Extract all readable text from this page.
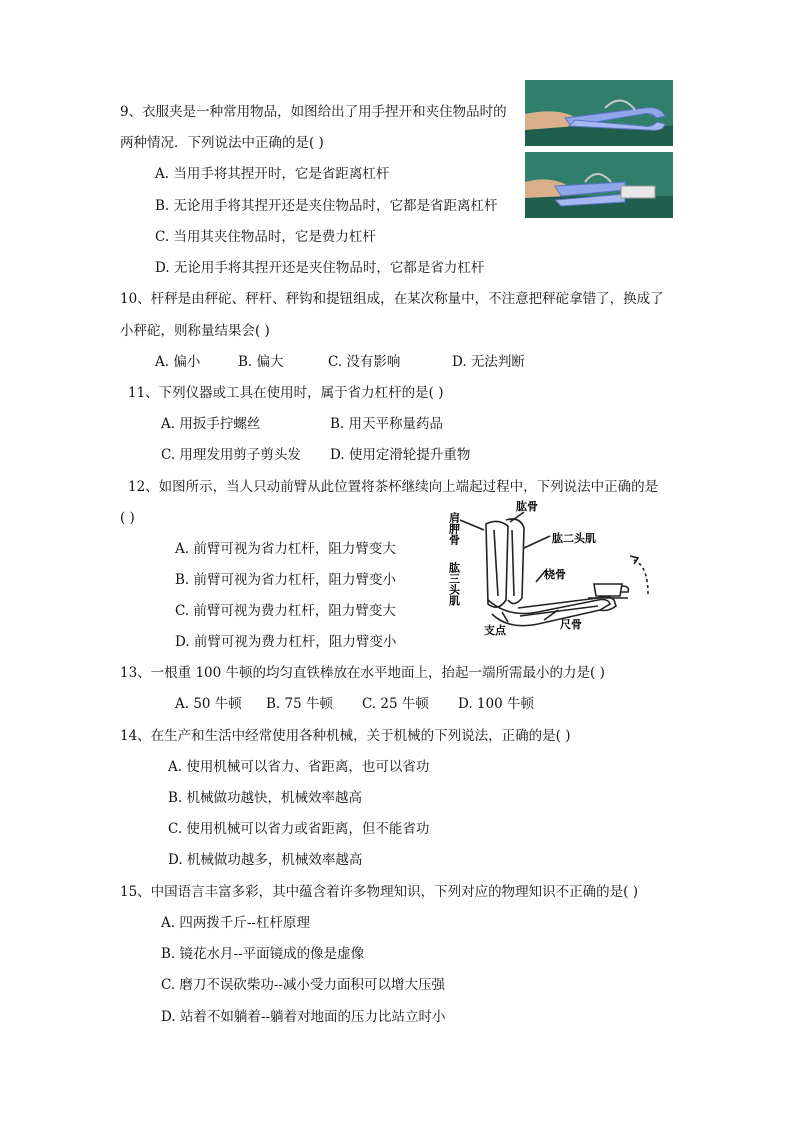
9、衣服夹是一种常用物品，如图给出了用手捏开和夹住物品时的
两种情况．下列说法中正确的是( )
A. 当用手将其捏开时，它是省距离杠杆
B. 无论用手将其捏开还是夹住物品时，它都是省距离杠杆
C. 当用其夹住物品时，它是费力杠杆
D. 无论用手将其捏开还是夹住物品时，它都是省力杠杆
10、杆秤是由秤砣、秤杆、秤钩和提钮组成，在某次称量中，不注意把秤砣拿错了，换成了
小秤砣，则称量结果会( )
A. 偏小	B. 偏大	C. 没有影响	D. 无法判断
11、下列仪器或工具在使用时，属于省力杠杆的是( )
A. 用扳手拧螺丝	B. 用天平称量药品
C. 用理发用剪子剪头发 D. 使用定滑轮提升重物
12、如图所示，当人只动前臂从此位置将茶杯继续向上端起过程中，下列说法中正确的是
( )
A. 前臂可视为省力杠杆，阻力臂变大
B. 前臂可视为省力杠杆，阻力臂变小
C. 前臂可视为费力杠杆，阻力臂变大
D. 前臂可视为费力杠杆，阻力臂变小
肩胛骨
肱骨
肱二头肌
肱三头肌	桡骨
尺骨
支点
13、一根重 100 牛顿的均匀直铁棒放在水平地面上，抬起一端所需最小的力是( )
A. 50 牛顿 B. 75 牛顿 C. 25 牛顿 D. 100 牛顿
14、在生产和生活中经常使用各种机械，关于机械的下列说法，正确的是( )
A. 使用机械可以省力、省距离，也可以省功
B. 机械做功越快，机械效率越高
C. 使用机械可以省力或省距离，但不能省功
D. 机械做功越多，机械效率越高
15、中国语言丰富多彩，其中蕴含着许多物理知识，下列对应的物理知识不正确的是( )
A. 四两拨千斤--杠杆原理
B. 镜花水月--平面镜成的像是虚像
C. 磨刀不误砍柴功--减小受力面积可以增大压强
D. 站着不如躺着--躺着对地面的压力比站立时小
